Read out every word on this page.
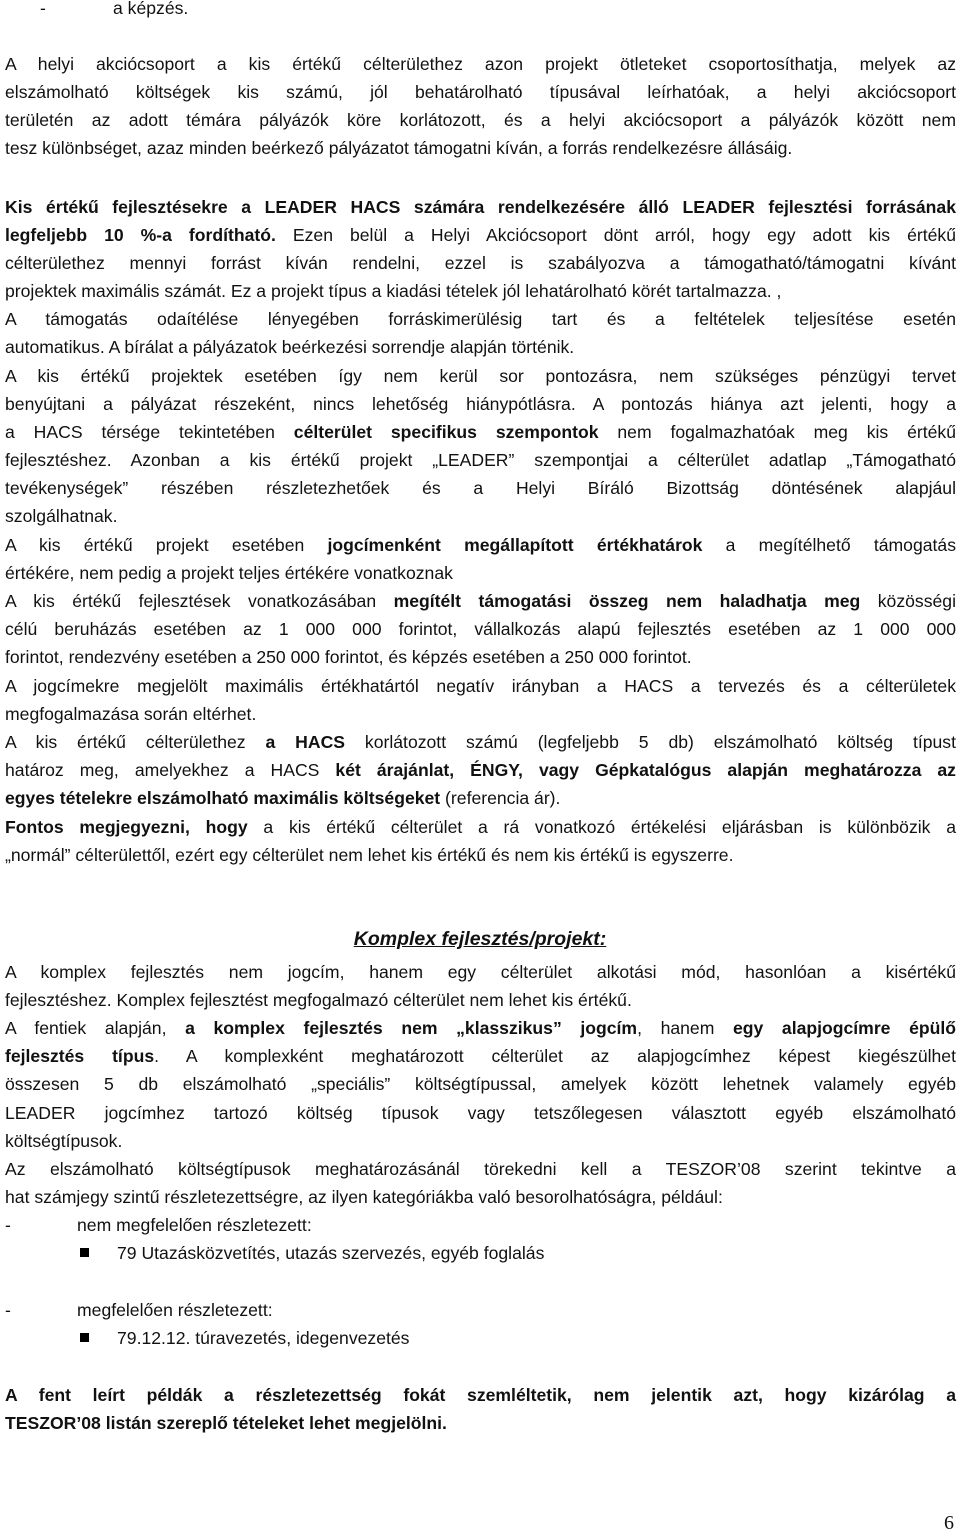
-	a képzés.
A helyi akciócsoport a kis értékű célterülethez azon projekt ötleteket csoportosíthatja, melyek az
elszámolható költségek kis számú, jól behatárolható típusával leírhatóak, a helyi akciócsoport
területén az adott témára pályázók köre korlátozott, és a helyi akciócsoport a pályázók között nem
tesz különbséget, azaz minden beérkező pályázatot támogatni kíván, a forrás rendelkezésre állásáig.
Kis értékű fejlesztésekre a LEADER HACS számára rendelkezésére álló LEADER fejlesztési forrásának
legfeljebb 10 %-a fordítható. Ezen belül a Helyi Akciócsoport dönt arról, hogy egy adott kis értékű
célterülethez mennyi forrást kíván rendelni, ezzel is szabályozva a támogatható/támogatni kívánt
projektek maximális számát. Ez a projekt típus a kiadási tételek jól lehatárolható körét tartalmazza. ,
A támogatás odaítélése lényegében forráskimerülésig tart és a feltételek teljesítése esetén
automatikus. A bírálat a pályázatok beérkezési sorrendje alapján történik.
A kis értékű projektek esetében így nem kerül sor pontozásra, nem szükséges pénzügyi tervet
benyújtani a pályázat részeként, nincs lehetőség hiánypótlásra. A pontozás hiánya azt jelenti, hogy a
a HACS térsége tekintetében célterület specifikus szempontok nem fogalmazhatóak meg kis értékű
fejlesztéshez. Azonban a kis értékű projekt „LEADER” szempontjai a célterület adatlap „Támogatható
tevékenységek” részében részletezhetőek és a Helyi Bíráló Bizottság döntésének alapjául
szolgálhatnak.
A kis értékű projekt esetében jogcímenként megállapított értékhatárok a megítélhető támogatás
értékére, nem pedig a projekt teljes értékére vonatkoznak
A kis értékű fejlesztések vonatkozásában megítélt támogatási összeg nem haladhatja meg közösségi
célú beruházás esetében az 1 000 000 forintot, vállalkozás alapú fejlesztés esetében az 1 000 000
forintot, rendezvény esetében a 250 000 forintot, és képzés esetében a 250 000 forintot.
A jogcímekre megjelölt maximális értékhatártól negatív irányban a HACS a tervezés és a célterületek
megfogalmazása során eltérhet.
A kis értékű célterülethez a HACS korlátozott számú (legfeljebb 5 db) elszámolható költség típust
határoz meg, amelyekhez a HACS két árajánlat, ÉNGY, vagy Gépkatalógus alapján meghatározza az
egyes tételekre elszámolható maximális költségeket (referencia ár).
Fontos megjegyezni, hogy a kis értékű célterület a rá vonatkozó értékelési eljárásban is különbözik a
„normál” célterülettől, ezért egy célterület nem lehet kis értékű és nem kis értékű is egyszerre.
Komplex fejlesztés/projekt:
A komplex fejlesztés nem jogcím, hanem egy célterület alkotási mód, hasonlóan a kisértékű
fejlesztéshez. Komplex fejlesztést megfogalmazó célterület nem lehet kis értékű.
A fentiek alapján, a komplex fejlesztés nem „klasszikus” jogcím, hanem egy alapjogcímre épülő
fejlesztés típus. A komplexként meghatározott célterület az alapjogcímhez képest kiegészülhet
összesen 5 db elszámolható „speciális” költségtípussal, amelyek között lehetnek valamely egyéb
LEADER jogcímhez tartozó költség típusok vagy tetszőlegesen választott egyéb elszámolható
költségtípusok.
Az elszámolható költségtípusok meghatározásánál törekedni kell a TESZOR’08 szerint tekintve a
hat számjegy szintű részletezettségre, az ilyen kategóriákba való besorolhatóságra, például:
-	nem megfelelően részletezett:
79 Utazásközvetítés, utazás szervezés, egyéb foglalás
-	megfelelően részletezett:
79.12.12. túravezetés, idegenvezetés
A fent leírt példák a részletezettség fokát szemléltetik, nem jelentik azt, hogy kizárólag a
TESZOR’08 listán szereplő tételeket lehet megjelölni.
6
